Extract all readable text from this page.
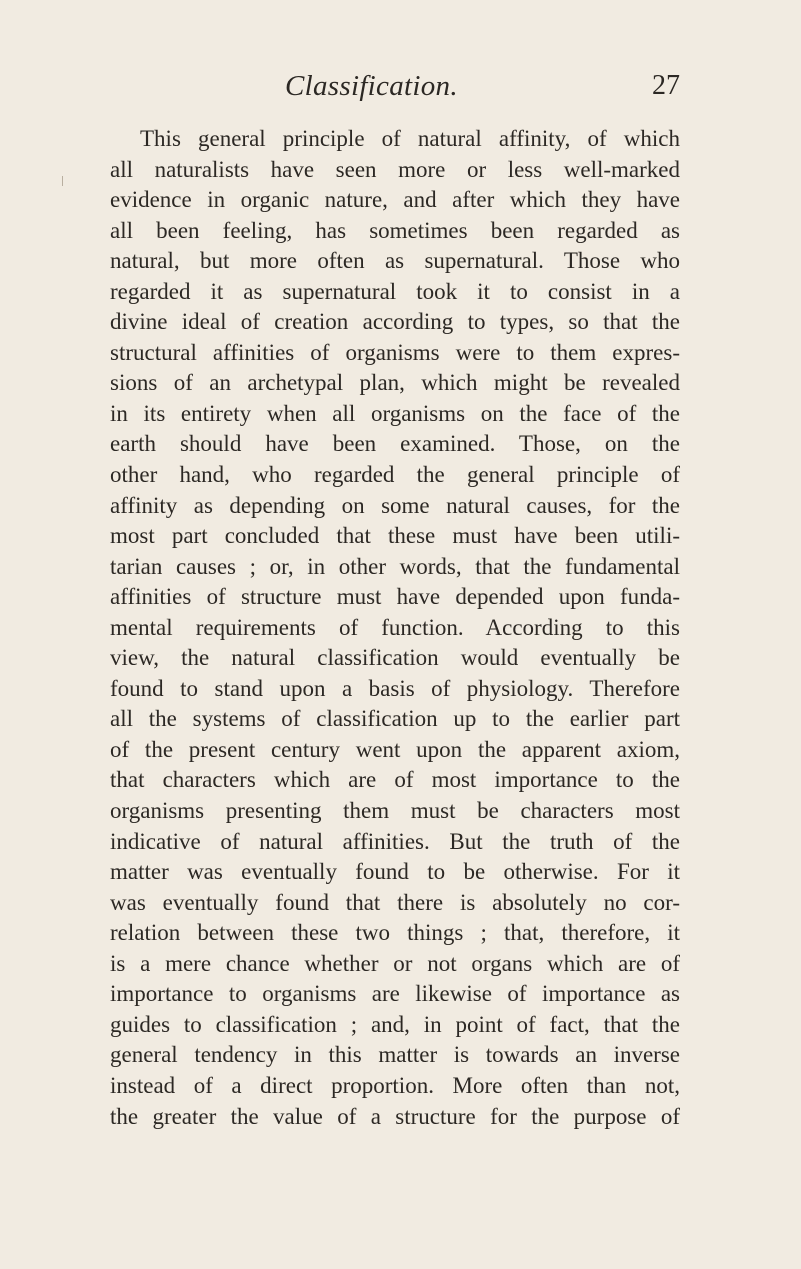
Classification.	27
This general principle of natural affinity, of which
all naturalists have seen more or less well-marked
evidence in organic nature, and after which they have
all been feeling, has sometimes been regarded as
natural, but more often as supernatural. Those who
regarded it as supernatural took it to consist in a
divine ideal of creation according to types, so that the
structural affinities of organisms were to them expres-
sions of an archetypal plan, which might be revealed
in its entirety when all organisms on the face of the
earth should have been examined. Those, on the
other hand, who regarded the general principle of
affinity as depending on some natural causes, for the
most part concluded that these must have been utili-
tarian causes ; or, in other words, that the fundamental
affinities of structure must have depended upon funda-
mental requirements of function. According to this
view, the natural classification would eventually be
found to stand upon a basis of physiology. Therefore
all the systems of classification up to the earlier part
of the present century went upon the apparent axiom,
that characters which are of most importance to the
organisms presenting them must be characters most
indicative of natural affinities. But the truth of the
matter was eventually found to be otherwise. For it
was eventually found that there is absolutely no cor-
relation between these two things ; that, therefore, it
is a mere chance whether or not organs which are of
importance to organisms are likewise of importance as
guides to classification ; and, in point of fact, that the
general tendency in this matter is towards an inverse
instead of a direct proportion. More often than not,
the greater the value of a structure for the purpose of
